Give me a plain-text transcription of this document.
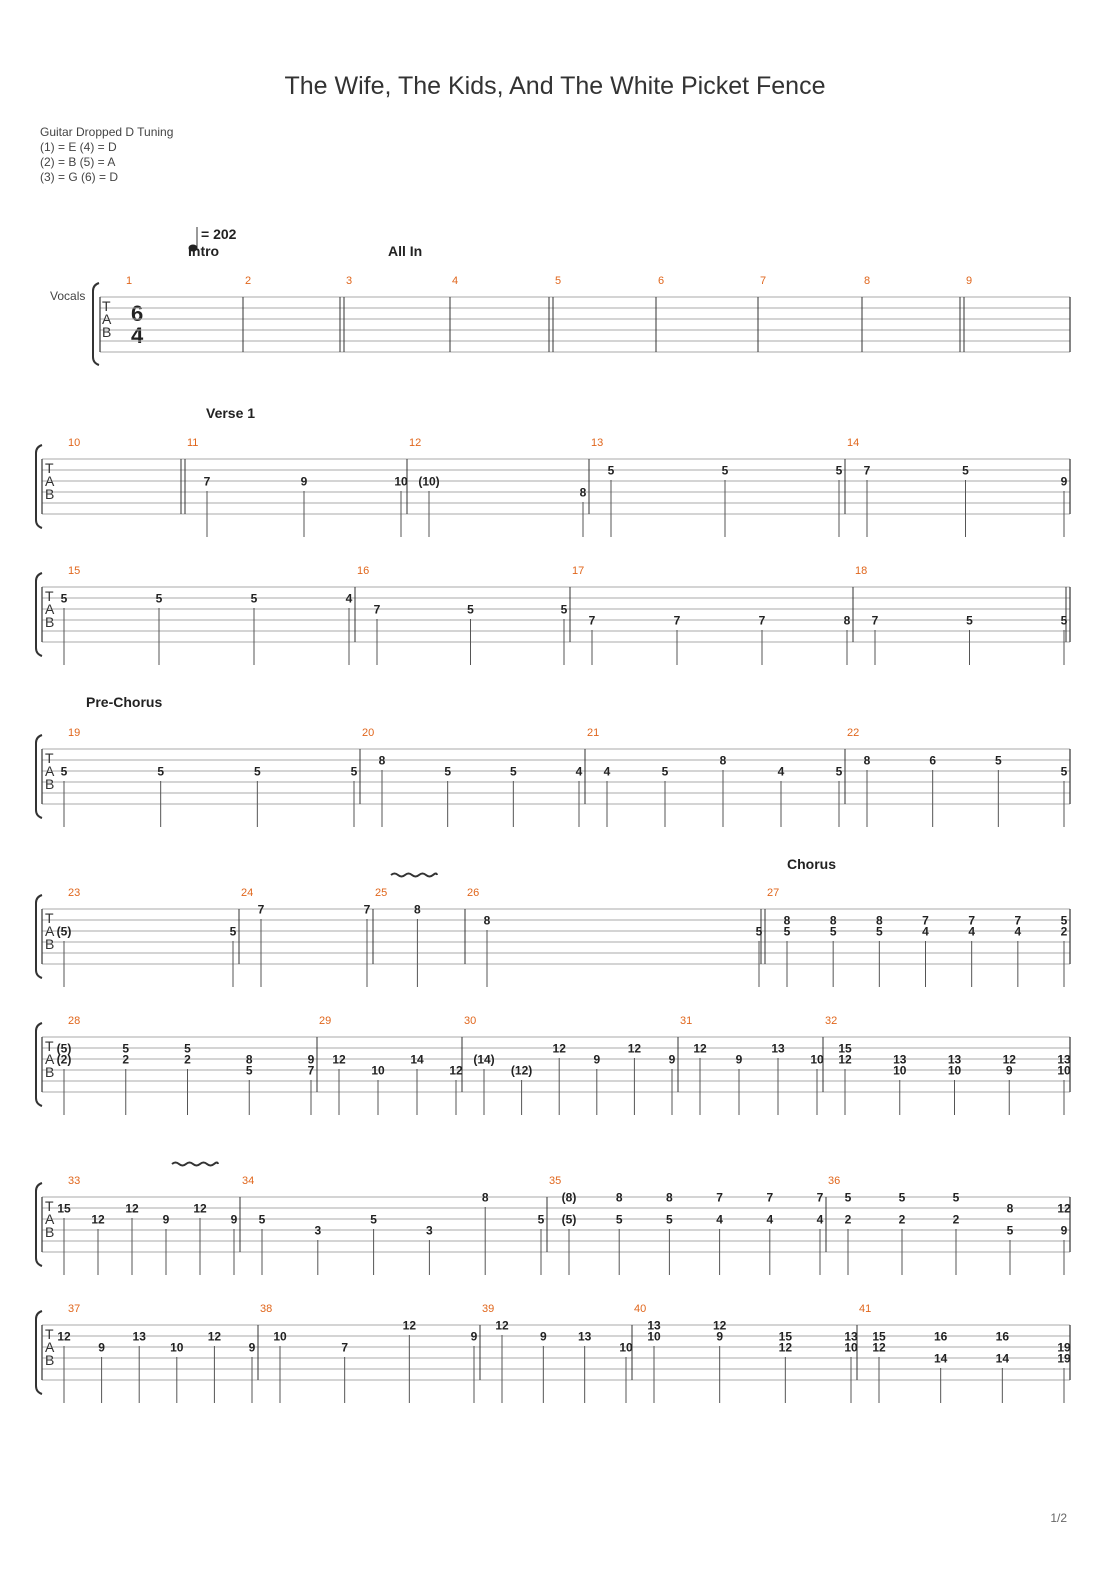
The Wife, The Kids, And The White Picket Fence
Guitar Dropped D Tuning
(1) = E (4) = D
(2) = B (5) = A
(3) = G (6) = D
= 202
Vocals
6
4
Intro	All In
Verse 1
Pre-Chorus
Chorus
T
A
B
1	2	3	4	5	6	7	8	9
T
A
B
10	11	12	13	14
7	9	10 (10)
8
5	5	5 7	5
9
T
A
B
15	16	17	18
5	5	5	4
7	5	5
7	7	7	8 7	5	5
T
A
B
19	20	21	22
5	5	5	5
8
5	5	4 4	5
8
4	5
8	6	5
5
T
A
B
23	24	25	26	27
(5)	5
7	7	8
8
5
8
5
8
5
8
5
7
4
7
4
7
4
5
2
T
A
B
28	29	30	31	32
(5)
(2)
5
2
5
2	8
5
9
7
12
10
14
12
(14)
(12)
12
9
12
9
12
9
13
10
15
12	13
10
13
10
12
9
13
10
T
A
B
33	34	35	36
15
12
12
9
12
9 5
3
5
3
8
5
(8)
(5)
8
5
8
5
7
4
7
4
7
4
5
2
5
2
5
2
8
5
12
9
T
A
B
37	38	39	40	41
12
9
13
10
12
9
10
7
12
9
12
9	13
10
13
10
12
9	15
12
13
10
15
12
16
14
16
14
19
19
1/2
